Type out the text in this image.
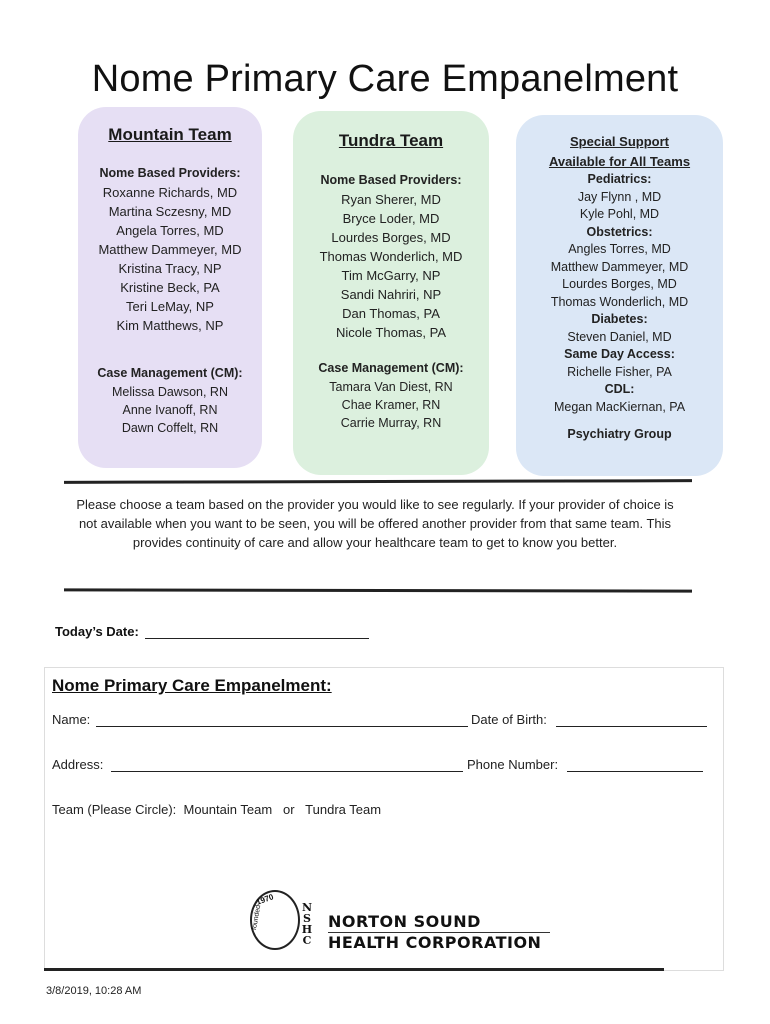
Nome Primary Care Empanelment
Mountain Team
Nome Based Providers:
Roxanne Richards, MD
Martina Sczesny, MD
Angela Torres, MD
Matthew Dammeyer, MD
Kristina Tracy, NP
Kristine Beck, PA
Teri LeMay, NP
Kim Matthews, NP
Case Management (CM):
Melissa Dawson, RN
Anne Ivanoff, RN
Dawn Coffelt, RN
Tundra Team
Nome Based Providers:
Ryan Sherer, MD
Bryce Loder, MD
Lourdes Borges, MD
Thomas Wonderlich, MD
Tim McGarry, NP
Sandi Nahriri, NP
Dan Thomas, PA
Nicole Thomas, PA
Case Management (CM):
Tamara Van Diest, RN
Chae Kramer, RN
Carrie Murray, RN
Special Support
Available for All Teams
Pediatrics:
Jay Flynn , MD
Kyle Pohl, MD
Obstetrics:
Angles Torres, MD
Matthew Dammeyer, MD
Lourdes Borges, MD
Thomas Wonderlich, MD
Diabetes:
Steven Daniel, MD
Same Day Access:
Richelle Fisher, PA
CDL:
Megan MacKiernan, PA
Psychiatry Group
Please choose a team based on the provider you would like to see regularly. If your provider of choice is not available when you want to be seen, you will be offered another provider from that same team. This provides continuity of care and allow your healthcare team to get to know you better.
Today’s Date:
Nome Primary Care Empanelment:
Name:	Date of Birth:
Address:	Phone Number:
Team (Please Circle): Mountain Team or Tundra Team
1970
founded	N
S
H
C
NORTON SOUND
HEALTH CORPORATION
3/8/2019, 10:28 AM
